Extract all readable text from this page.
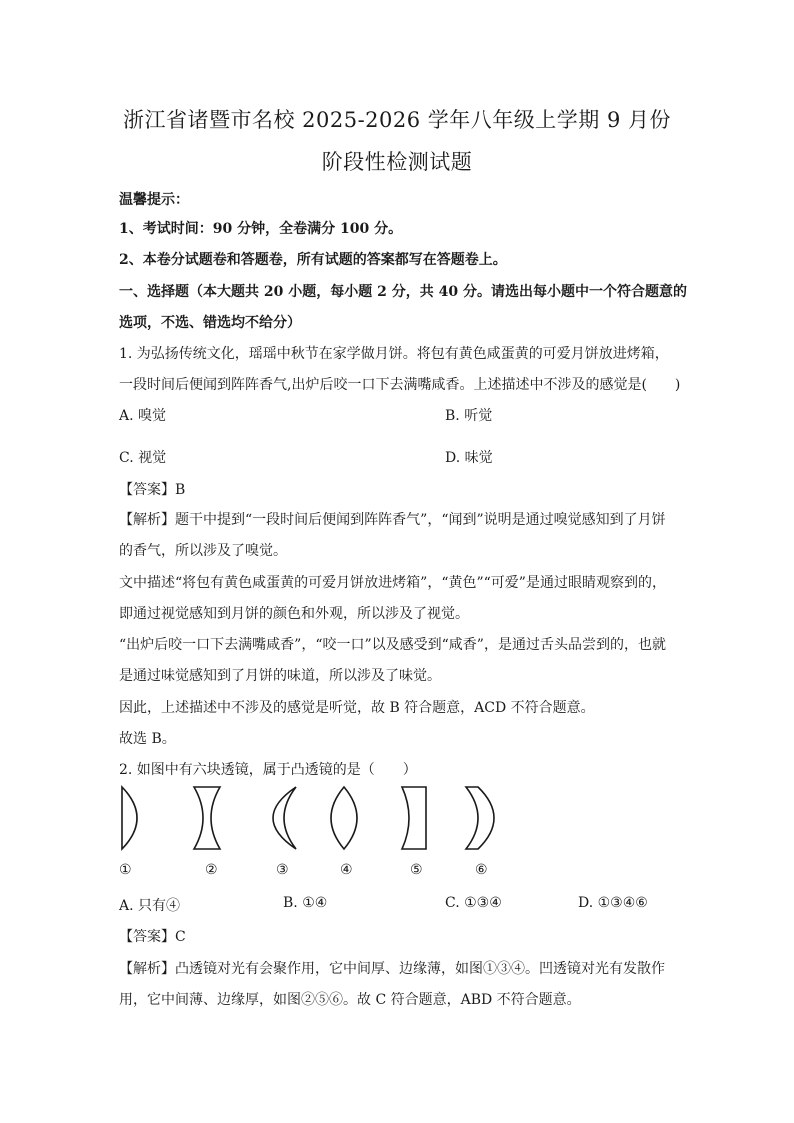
浙江省诸暨市名校 2025-2026 学年八年级上学期 9 月份
阶段性检测试题
温馨提示：
1、考试时间：90 分钟，全卷满分 100 分。
2、本卷分试题卷和答题卷，所有试题的答案都写在答题卷上。
一、选择题（本大题共 20 小题，每小题 2 分，共 40 分。请选出每小题中一个符合题意的
选项，不选、错选均不给分）
1. 为弘扬传统文化，瑶瑶中秋节在家学做月饼。将包有黄色咸蛋黄的可爱月饼放进烤箱，
一段时间后便闻到阵阵香气,出炉后咬一口下去满嘴咸香。上述描述中不涉及的感觉是(　　)
A. 嗅觉	B. 听觉
C. 视觉	D. 味觉
【答案】B
【解析】题干中提到“一段时间后便闻到阵阵香气”，“闻到”说明是通过嗅觉感知到了月饼
的香气，所以涉及了嗅觉。
文中描述“将包有黄色咸蛋黄的可爱月饼放进烤箱”，“黄色”“可爱”是通过眼睛观察到的，
即通过视觉感知到月饼的颜色和外观，所以涉及了视觉。
“出炉后咬一口下去满嘴咸香”，“咬一口”以及感受到“咸香”，是通过舌头品尝到的，也就
是通过味觉感知到了月饼的味道，所以涉及了味觉。
因此，上述描述中不涉及的感觉是听觉，故 B 符合题意，ACD 不符合题意。
故选 B。
2. 如图中有六块透镜，属于凸透镜的是（　　）
①	②	③	④	⑤	⑥
A. 只有④	B. ①④	C. ①③④	D. ①③④⑥
【答案】C
【解析】凸透镜对光有会聚作用，它中间厚、边缘薄，如图①③④。凹透镜对光有发散作
用，它中间薄、边缘厚，如图②⑤⑥。故 C 符合题意，ABD 不符合题意。
